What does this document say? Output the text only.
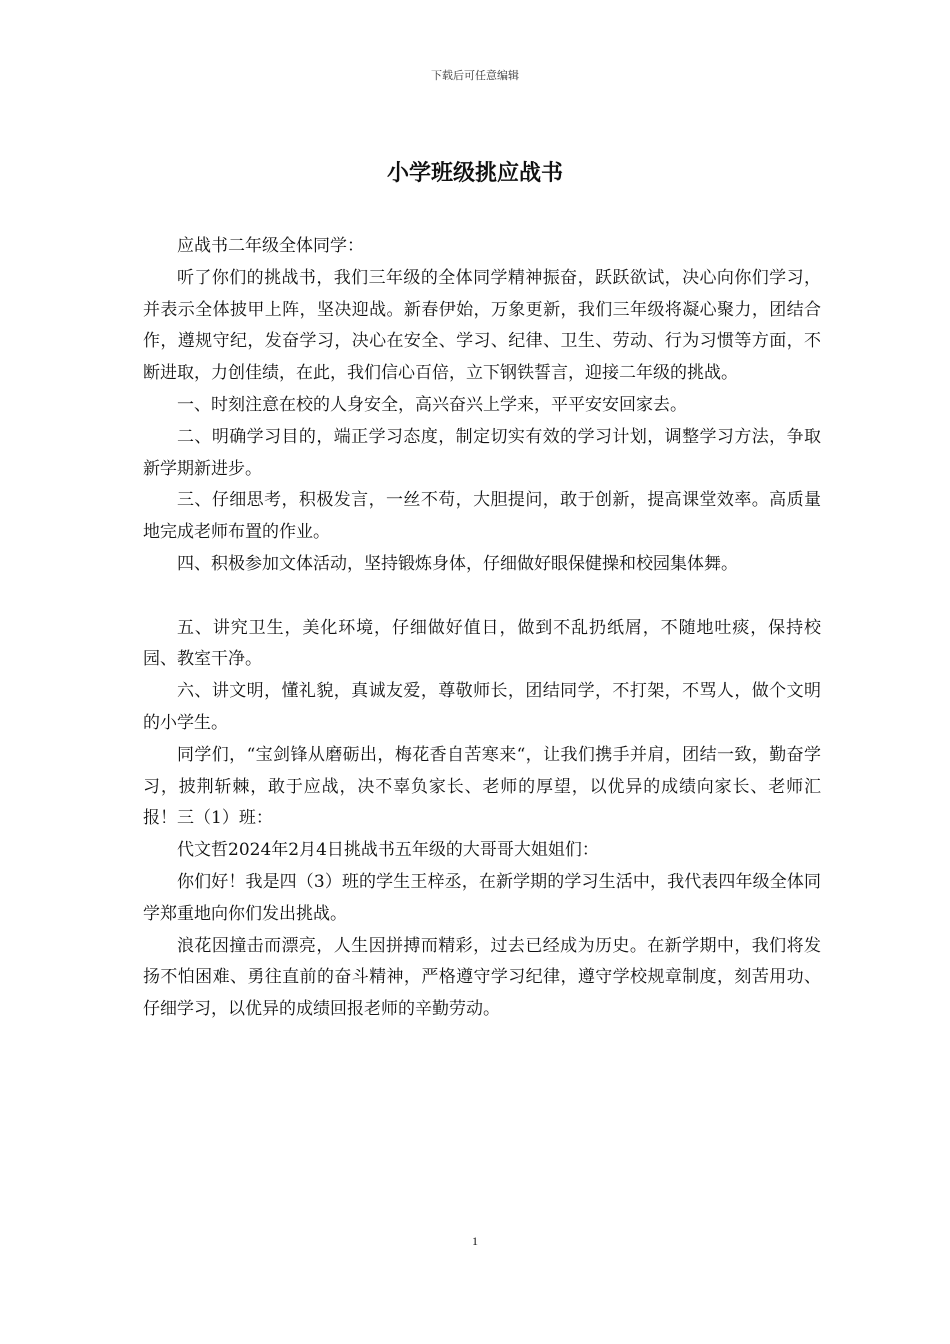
下载后可任意编辑
小学班级挑应战书

应战书二年级全体同学：

听了你们的挑战书，我们三年级的全体同学精神振奋，跃跃欲试，决心向你们学习，并表示全体披甲上阵，坚决迎战。新春伊始，万象更新，我们三年级将凝心聚力，团结合作，遵规守纪，发奋学习，决心在安全、学习、纪律、卫生、劳动、行为习惯等方面，不断进取，力创佳绩，在此，我们信心百倍，立下钢铁誓言，迎接二年级的挑战。

一、时刻注意在校的人身安全，高兴奋兴上学来，平平安安回家去。

二、明确学习目的，端正学习态度，制定切实有效的学习计划，调整学习方法，争取新学期新进步。

三、仔细思考，积极发言，一丝不苟，大胆提问，敢于创新，提高课堂效率。高质量地完成老师布置的作业。

四、积极参加文体活动，坚持锻炼身体，仔细做好眼保健操和校园集体舞。

五、讲究卫生，美化环境，仔细做好值日，做到不乱扔纸屑，不随地吐痰，保持校园、教室干净。

六、讲文明，懂礼貌，真诚友爱，尊敬师长，团结同学，不打架，不骂人，做个文明的小学生。

同学们，“宝剑锋从磨砺出，梅花香自苦寒来“，让我们携手并肩，团结一致，勤奋学习，披荆斩棘，敢于应战，决不辜负家长、老师的厚望，以优异的成绩向家长、老师汇报！三（1）班：

代文哲2024年2月4日挑战书五年级的大哥哥大姐姐们：

你们好！我是四（3）班的学生王梓丞，在新学期的学习生活中，我代表四年级全体同学郑重地向你们发出挑战。

浪花因撞击而漂亮，人生因拼搏而精彩，过去已经成为历史。在新学期中，我们将发扬不怕困难、勇往直前的奋斗精神，严格遵守学习纪律，遵守学校规章制度，刻苦用功、仔细学习，以优异的成绩回报老师的辛勤劳动。

1
